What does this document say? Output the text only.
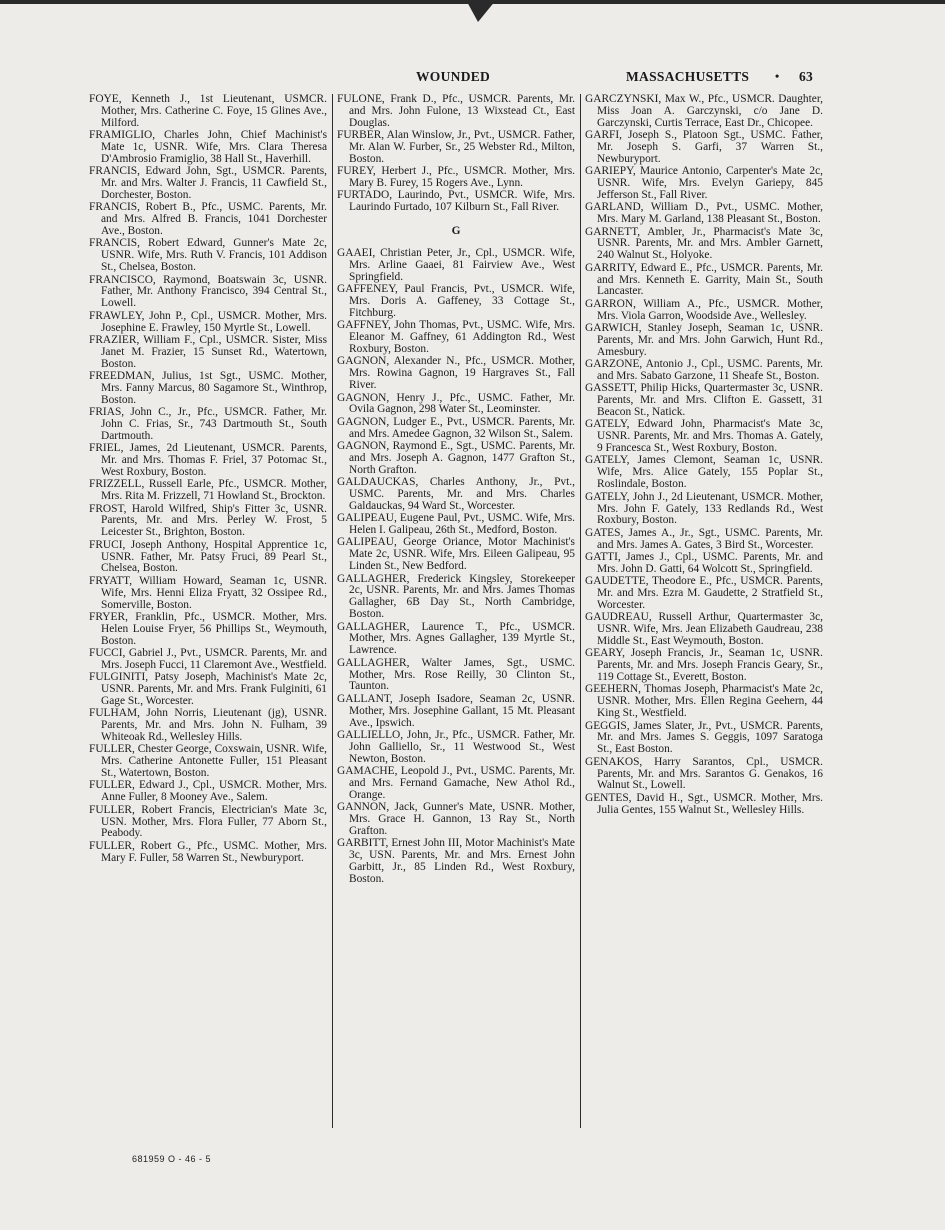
WOUNDED	MASSACHUSETTS • 63
FOYE, Kenneth J., 1st Lieutenant, USMCR. Mother, Mrs. Catherine C. Foye, 15 Glines Ave., Milford.
FRAMIGLIO, Charles John, Chief Machinist's Mate 1c, USNR. Wife, Mrs. Clara Theresa D'Ambrosio Framiglio, 38 Hall St., Haverhill.
FRANCIS, Edward John, Sgt., USMCR. Parents, Mr. and Mrs. Walter J. Francis, 11 Cawfield St., Dorchester, Boston.
FRANCIS, Robert B., Pfc., USMC. Parents, Mr. and Mrs. Alfred B. Francis, 1041 Dorchester Ave., Boston.
FRANCIS, Robert Edward, Gunner's Mate 2c, USNR. Wife, Mrs. Ruth V. Francis, 101 Addison St., Chelsea, Boston.
FRANCISCO, Raymond, Boatswain 3c, USNR. Father, Mr. Anthony Francisco, 394 Central St., Lowell.
FRAWLEY, John P., Cpl., USMCR. Mother, Mrs. Josephine E. Frawley, 150 Myrtle St., Lowell.
FRAZIER, William F., Cpl., USMCR. Sister, Miss Janet M. Frazier, 15 Sunset Rd., Watertown, Boston.
FREEDMAN, Julius, 1st Sgt., USMC. Mother, Mrs. Fanny Marcus, 80 Sagamore St., Winthrop, Boston.
FRIAS, John C., Jr., Pfc., USMCR. Father, Mr. John C. Frias, Sr., 743 Dartmouth St., South Dartmouth.
FRIEL, James, 2d Lieutenant, USMCR. Parents, Mr. and Mrs. Thomas F. Friel, 37 Potomac St., West Roxbury, Boston.
FRIZZELL, Russell Earle, Pfc., USMCR. Mother, Mrs. Rita M. Frizzell, 71 Howland St., Brockton.
FROST, Harold Wilfred, Ship's Fitter 3c, USNR. Parents, Mr. and Mrs. Perley W. Frost, 5 Leicester St., Brighton, Boston.
FRUCI, Joseph Anthony, Hospital Apprentice 1c, USNR. Father, Mr. Patsy Fruci, 89 Pearl St., Chelsea, Boston.
FRYATT, William Howard, Seaman 1c, USNR. Wife, Mrs. Henni Eliza Fryatt, 32 Ossipee Rd., Somerville, Boston.
FRYER, Franklin, Pfc., USMCR. Mother, Mrs. Helen Louise Fryer, 56 Phillips St., Weymouth, Boston.
FUCCI, Gabriel J., Pvt., USMCR. Parents, Mr. and Mrs. Joseph Fucci, 11 Claremont Ave., Westfield.
FULGINITI, Patsy Joseph, Machinist's Mate 2c, USNR. Parents, Mr. and Mrs. Frank Fulginiti, 61 Gage St., Worcester.
FULHAM, John Norris, Lieutenant (jg), USNR. Parents, Mr. and Mrs. John N. Fulham, 39 Whiteoak Rd., Wellesley Hills.
FULLER, Chester George, Coxswain, USNR. Wife, Mrs. Catherine Antonette Fuller, 151 Pleasant St., Watertown, Boston.
FULLER, Edward J., Cpl., USMCR. Mother, Mrs. Anne Fuller, 8 Mooney Ave., Salem.
FULLER, Robert Francis, Electrician's Mate 3c, USN. Mother, Mrs. Flora Fuller, 77 Aborn St., Peabody.
FULLER, Robert G., Pfc., USMC. Mother, Mrs. Mary F. Fuller, 58 Warren St., Newburyport.
FULONE, Frank D., Pfc., USMCR. Parents, Mr. and Mrs. John Fulone, 13 Wixstead Ct., East Douglas.
FURBER, Alan Winslow, Jr., Pvt., USMCR. Father, Mr. Alan W. Furber, Sr., 25 Webster Rd., Milton, Boston.
FUREY, Herbert J., Pfc., USMCR. Mother, Mrs. Mary B. Furey, 15 Rogers Ave., Lynn.
FURTADO, Laurindo, Pvt., USMCR. Wife, Mrs. Laurindo Furtado, 107 Kilburn St., Fall River.
G
GAAEI, Christian Peter, Jr., Cpl., USMCR. Wife, Mrs. Arline Gaaei, 81 Fairview Ave., West Springfield.
GAFFENEY, Paul Francis, Pvt., USMCR. Wife, Mrs. Doris A. Gaffeney, 33 Cottage St., Fitchburg.
GAFFNEY, John Thomas, Pvt., USMC. Wife, Mrs. Eleanor M. Gaffney, 61 Addington Rd., West Roxbury, Boston.
GAGNON, Alexander N., Pfc., USMCR. Mother, Mrs. Rowina Gagnon, 19 Hargraves St., Fall River.
GAGNON, Henry J., Pfc., USMC. Father, Mr. Ovila Gagnon, 298 Water St., Leominster.
GAGNON, Ludger E., Pvt., USMCR. Parents, Mr. and Mrs. Amedee Gagnon, 32 Wilson St., Salem.
GAGNON, Raymond E., Sgt., USMC. Parents, Mr. and Mrs. Joseph A. Gagnon, 1477 Grafton St., North Grafton.
GALDAUCKAS, Charles Anthony, Jr., Pvt., USMC. Parents, Mr. and Mrs. Charles Galdauckas, 94 Ward St., Worcester.
GALIPEAU, Eugene Paul, Pvt., USMC. Wife, Mrs. Helen I. Galipeau, 26th St., Medford, Boston.
GALIPEAU, George Oriance, Motor Machinist's Mate 2c, USNR. Wife, Mrs. Eileen Galipeau, 95 Linden St., New Bedford.
GALLAGHER, Frederick Kingsley, Storekeeper 2c, USNR. Parents, Mr. and Mrs. James Thomas Gallagher, 6B Day St., North Cambridge, Boston.
GALLAGHER, Laurence T., Pfc., USMCR. Mother, Mrs. Agnes Gallagher, 139 Myrtle St., Lawrence.
GALLAGHER, Walter James, Sgt., USMC. Mother, Mrs. Rose Reilly, 30 Clinton St., Taunton.
GALLANT, Joseph Isadore, Seaman 2c, USNR. Mother, Mrs. Josephine Gallant, 15 Mt. Pleasant Ave., Ipswich.
GALLIELLO, John, Jr., Pfc., USMCR. Father, Mr. John Galliello, Sr., 11 Westwood St., West Newton, Boston.
GAMACHE, Leopold J., Pvt., USMC. Parents, Mr. and Mrs. Fernand Gamache, New Athol Rd., Orange.
GANNON, Jack, Gunner's Mate, USNR. Mother, Mrs. Grace H. Gannon, 13 Ray St., North Grafton.
GARBITT, Ernest John III, Motor Machinist's Mate 3c, USN. Parents, Mr. and Mrs. Ernest John Garbitt, Jr., 85 Linden Rd., West Roxbury, Boston.
GARCZYNSKI, Max W., Pfc., USMCR. Daughter, Miss Joan A. Garczynski, c/o Jane D. Garczynski, Curtis Terrace, East Dr., Chicopee.
GARFI, Joseph S., Platoon Sgt., USMC. Father, Mr. Joseph S. Garfi, 37 Warren St., Newburyport.
GARIEPY, Maurice Antonio, Carpenter's Mate 2c, USNR. Wife, Mrs. Evelyn Gariepy, 845 Jefferson St., Fall River.
GARLAND, William D., Pvt., USMC. Mother, Mrs. Mary M. Garland, 138 Pleasant St., Boston.
GARNETT, Ambler, Jr., Pharmacist's Mate 3c, USNR. Parents, Mr. and Mrs. Ambler Garnett, 240 Walnut St., Holyoke.
GARRITY, Edward E., Pfc., USMCR. Parents, Mr. and Mrs. Kenneth E. Garrity, Main St., South Lancaster.
GARRON, William A., Pfc., USMCR. Mother, Mrs. Viola Garron, Woodside Ave., Wellesley.
GARWICH, Stanley Joseph, Seaman 1c, USNR. Parents, Mr. and Mrs. John Garwich, Hunt Rd., Amesbury.
GARZONE, Antonio J., Cpl., USMC. Parents, Mr. and Mrs. Sabato Garzone, 11 Sheafe St., Boston.
GASSETT, Philip Hicks, Quartermaster 3c, USNR. Parents, Mr. and Mrs. Clifton E. Gassett, 31 Beacon St., Natick.
GATELY, Edward John, Pharmacist's Mate 3c, USNR. Parents, Mr. and Mrs. Thomas A. Gately, 9 Francesca St., West Roxbury, Boston.
GATELY, James Clemont, Seaman 1c, USNR. Wife, Mrs. Alice Gately, 155 Poplar St., Roslindale, Boston.
GATELY, John J., 2d Lieutenant, USMCR. Mother, Mrs. John F. Gately, 133 Redlands Rd., West Roxbury, Boston.
GATES, James A., Jr., Sgt., USMC. Parents, Mr. and Mrs. James A. Gates, 3 Bird St., Worcester.
GATTI, James J., Cpl., USMC. Parents, Mr. and Mrs. John D. Gatti, 64 Wolcott St., Springfield.
GAUDETTE, Theodore E., Pfc., USMCR. Parents, Mr. and Mrs. Ezra M. Gaudette, 2 Stratfield St., Worcester.
GAUDREAU, Russell Arthur, Quartermaster 3c, USNR. Wife, Mrs. Jean Elizabeth Gaudreau, 238 Middle St., East Weymouth, Boston.
GEARY, Joseph Francis, Jr., Seaman 1c, USNR. Parents, Mr. and Mrs. Joseph Francis Geary, Sr., 119 Cottage St., Everett, Boston.
GEEHERN, Thomas Joseph, Pharmacist's Mate 2c, USNR. Mother, Mrs. Ellen Regina Geehern, 44 King St., Westfield.
GEGGIS, James Slater, Jr., Pvt., USMCR. Parents, Mr. and Mrs. James S. Geggis, 1097 Saratoga St., East Boston.
GENAKOS, Harry Sarantos, Cpl., USMCR. Parents, Mr. and Mrs. Sarantos G. Genakos, 16 Walnut St., Lowell.
GENTES, David H., Sgt., USMCR. Mother, Mrs. Julia Gentes, 155 Walnut St., Wellesley Hills.
681959 O - 46 - 5
